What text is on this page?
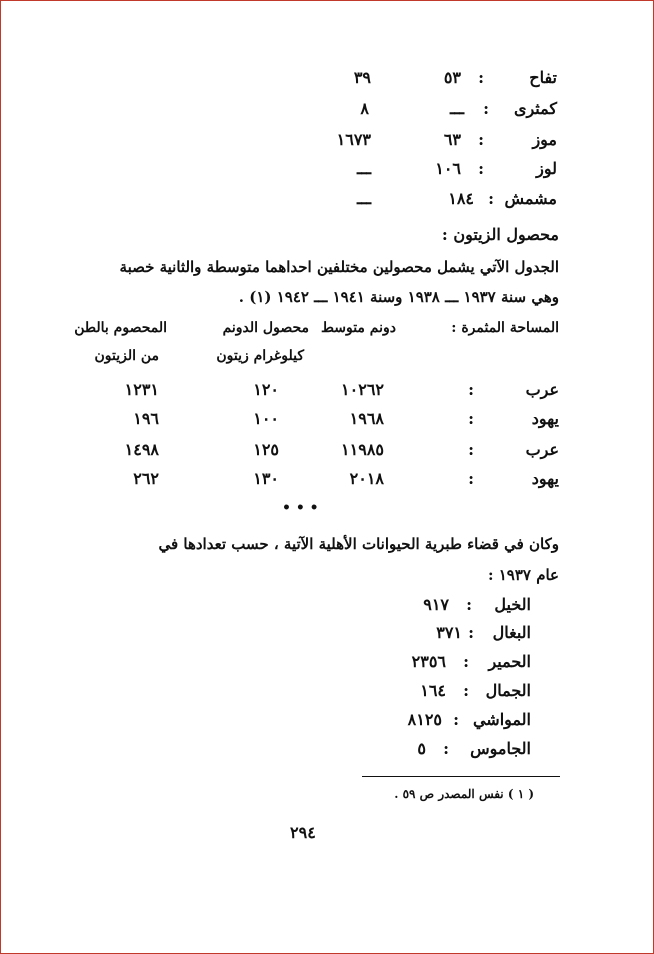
تفاح
:
٥٣
٣٩
كمثرى
:
ـــ
٨
موز
:
٦٣
١٦٧٣
لوز
:
١٠٦
ـــ
مشمش
:
١٨٤
ـــ
محصول الزيتون :
الجدول الآتي يشمل محصولين مختلفين احداهما متوسطة والثانية خصبة
وهي سنة ١٩٣٧ ـــ ١٩٣٨ وسنة ١٩٤١ ـــ ١٩٤٢ (١) .
المساحة المثمرة :
دونم متوسط
محصول الدونم
كيلوغرام زيتون
المحصوم بالطن
من الزيتون
عرب
:
١٠٢٦٢
١٢٠
١٢٣١
يهود
:
١٩٦٨
١٠٠
١٩٦
عرب
:
١١٩٨٥
١٢٥
١٤٩٨
يهود
:
٢٠١٨
١٣٠
٢٦٢
• • •
وكان في قضاء طبرية الحيوانات الأهلية الآتية ، حسب تعدادها في
عام ١٩٣٧ :
الخيل
:
٩١٧
البغال
:
٣٧١
الحمير
:
٢٣٥٦
الجمال
:
١٦٤
المواشي
:
٨١٢٥
الجاموس
:
٥
( ١ ) نفس المصدر ص ٥٩ .
٢٩٤
